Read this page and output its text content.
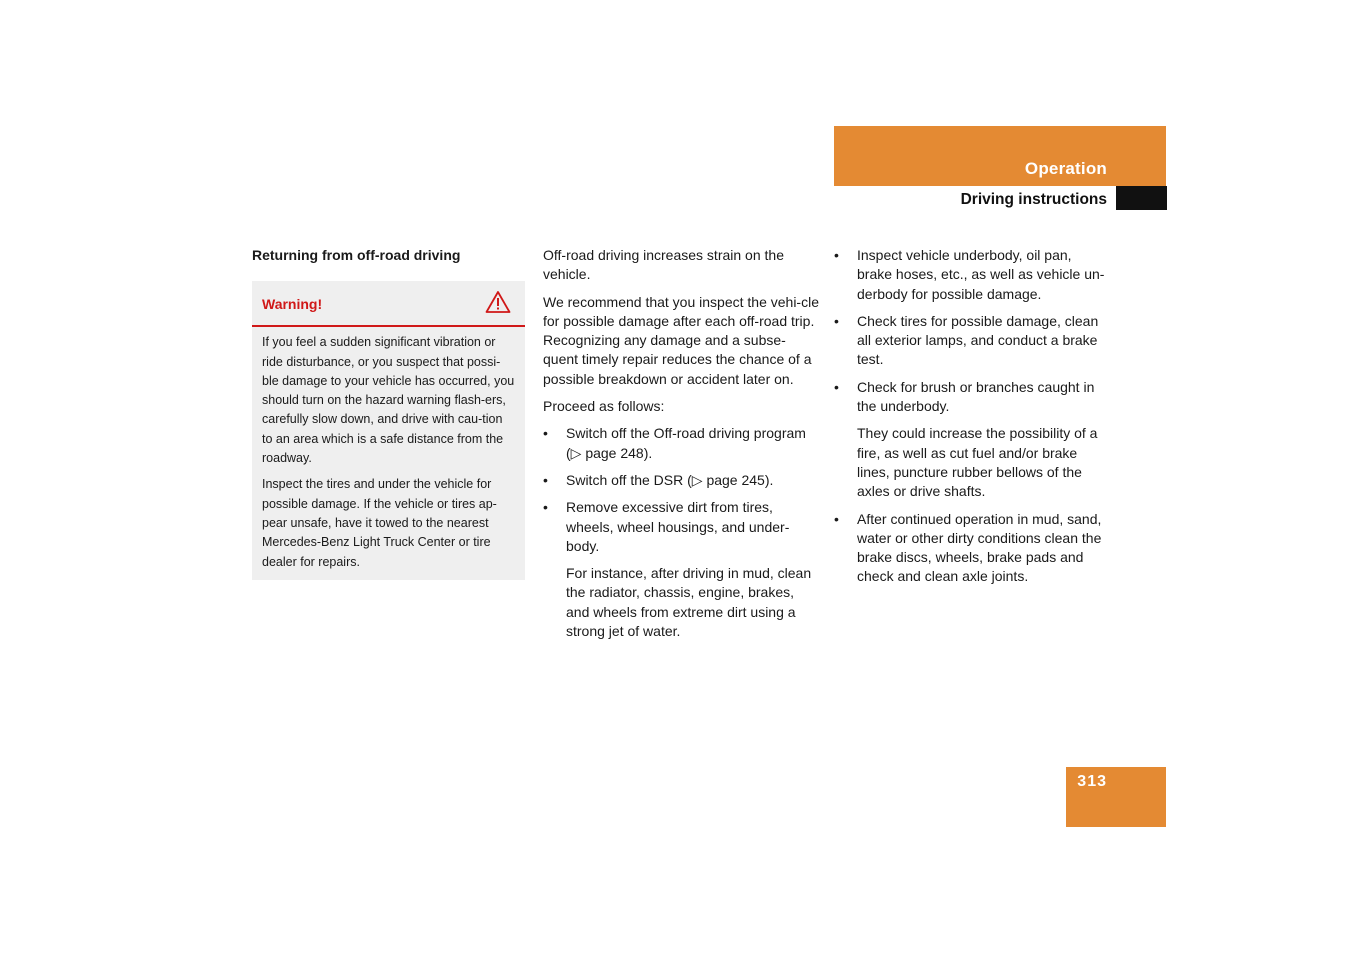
Operation
Driving instructions
Returning from off-road driving
Warning!

If you feel a sudden significant vibration or ride disturbance, or you suspect that possi-ble damage to your vehicle has occurred, you should turn on the hazard warning flash-ers, carefully slow down, and drive with cau-tion to an area which is a safe distance from the roadway.

Inspect the tires and under the vehicle for possible damage. If the vehicle or tires ap-pear unsafe, have it towed to the nearest Mercedes-Benz Light Truck Center or tire dealer for repairs.

Off-road driving increases strain on the vehicle.

We recommend that you inspect the vehi-cle for possible damage after each off-road trip. Recognizing any damage and a subse-quent timely repair reduces the chance of a possible breakdown or accident later on.

Proceed as follows:

• Switch off the Off-road driving program (▷ page 248).
• Switch off the DSR (▷ page 245).
• Remove excessive dirt from tires, wheels, wheel housings, and under-body.
For instance, after driving in mud, clean the radiator, chassis, engine, brakes, and wheels from extreme dirt using a strong jet of water.
• Inspect vehicle underbody, oil pan, brake hoses, etc., as well as vehicle un-derbody for possible damage.
• Check tires for possible damage, clean all exterior lamps, and conduct a brake test.
• Check for brush or branches caught in the underbody.
They could increase the possibility of a fire, as well as cut fuel and/or brake lines, puncture rubber bellows of the axles or drive shafts.
• After continued operation in mud, sand, water or other dirty conditions clean the brake discs, wheels, brake pads and check and clean axle joints.
313
